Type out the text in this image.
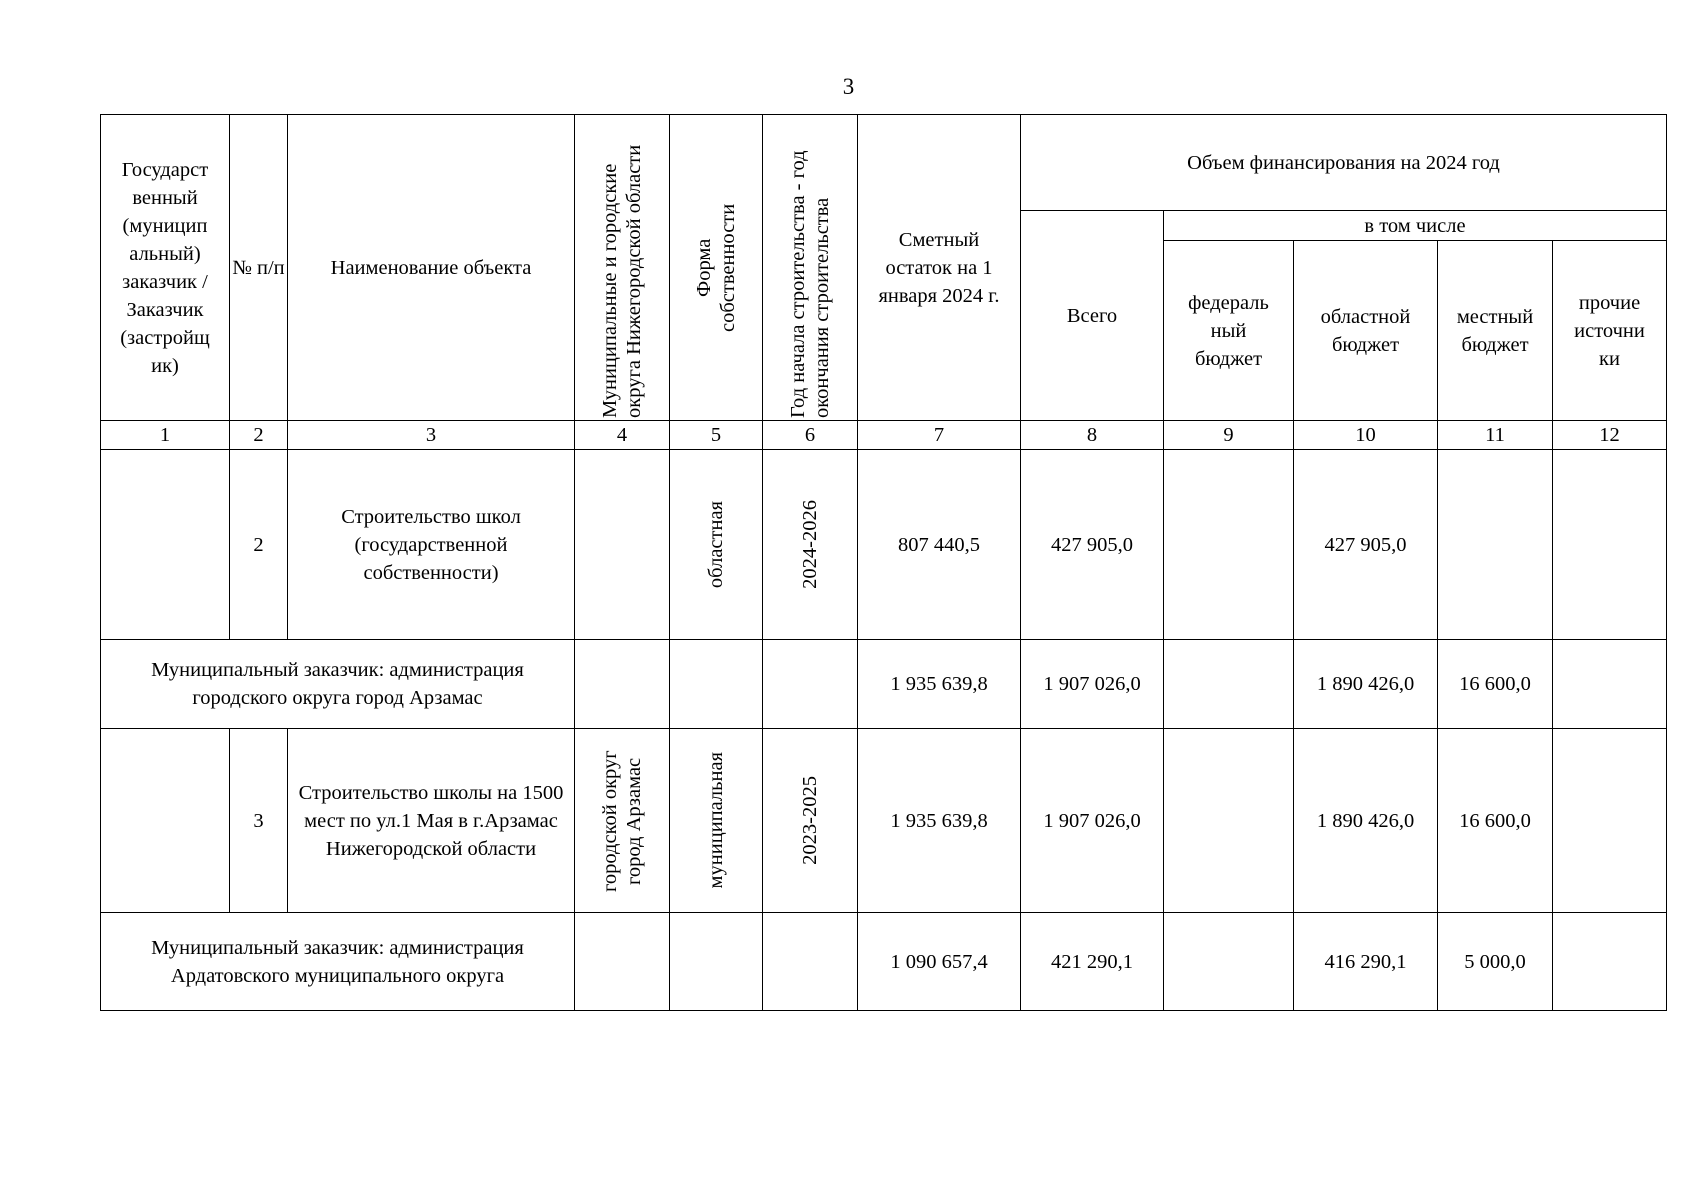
3
Государст венный (муницип альный) заказчик / Заказчик (застройщ ик)	№ п/п	Наименование объекта	Муниципальные и городские округа Нижегородской области	Форма собственности	Год начала строительства - год окончания строительства	Сметный остаток на 1 января 2024 г.	Объем финансирования на 2024 год				
							Всего	в том числе			
								федераль ный бюджет	областной бюджет	местный бюджет	прочие источни ки
1	2	3	4	5	6	7	8	9	10	11	12
	2	Строительство школ (государственной собственности)		областная	2024-2026	807 440,5	427 905,0		427 905,0		
Муниципальный заказчик: администрация городского округа город Арзамас						1 935 639,8	1 907 026,0		1 890 426,0	16 600,0	
	3	Строительство школы на 1500 мест по ул.1 Мая в г.Арзамас Нижегородской области	городской округ город Арзамас	муниципальная	2023-2025	1 935 639,8	1 907 026,0		1 890 426,0	16 600,0	
Муниципальный заказчик: администрация Ардатовского муниципального округа						1 090 657,4	421 290,1		416 290,1	5 000,0	
